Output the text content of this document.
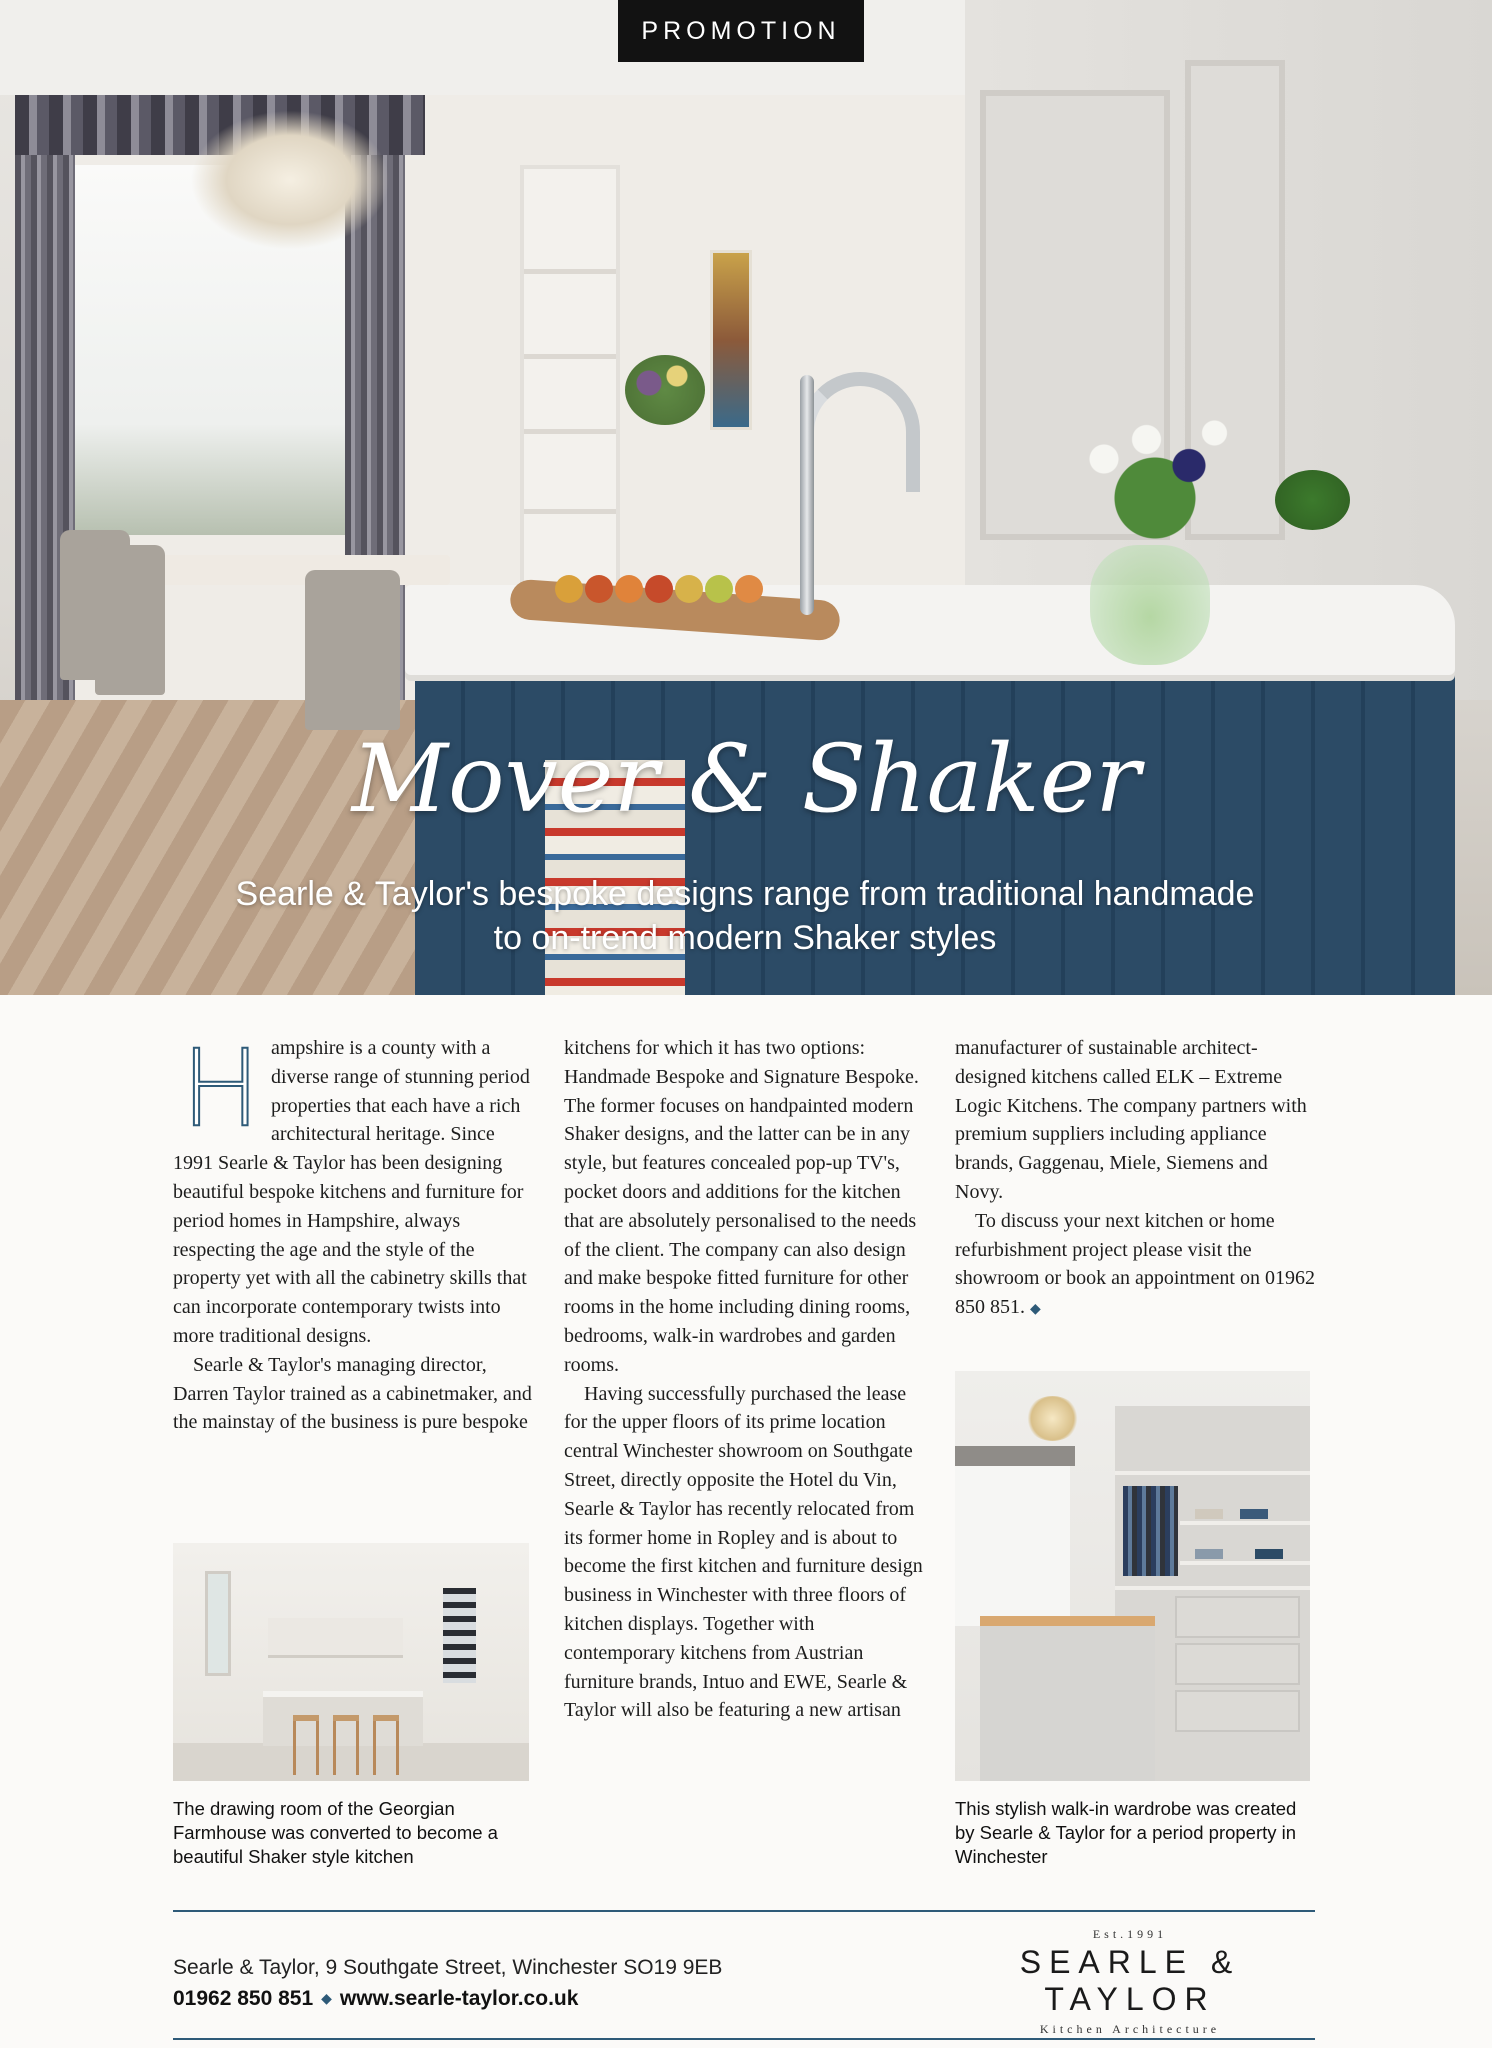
PROMOTION
Mover & Shaker
Searle & Taylor's bespoke designs range from traditional handmade
to on-trend modern Shaker styles

H ampshire is a county with a diverse range of stunning period properties that each have a rich architectural heritage. Since 1991 Searle & Taylor has been designing beautiful bespoke kitchens and furniture for period homes in Hampshire, always respecting the age and the style of the property yet with all the cabinetry skills that can incorporate contemporary twists into more traditional designs.

Searle & Taylor's managing director, Darren Taylor trained as a cabinetmaker, and the mainstay of the business is pure bespoke

kitchens for which it has two options: Handmade Bespoke and Signature Bespoke. The former focuses on handpainted modern Shaker designs, and the latter can be in any style, but features concealed pop-up TV's, pocket doors and additions for the kitchen that are absolutely personalised to the needs of the client. The company can also design and make bespoke fitted furniture for other rooms in the home including dining rooms, bedrooms, walk-in wardrobes and garden rooms.

Having successfully purchased the lease for the upper floors of its prime location central Winchester showroom on Southgate Street, directly opposite the Hotel du Vin, Searle & Taylor has recently relocated from its former home in Ropley and is about to become the first kitchen and furniture design business in Winchester with three floors of kitchen displays. Together with contemporary kitchens from Austrian furniture brands, Intuo and EWE, Searle & Taylor will also be featuring a new artisan

manufacturer of sustainable architect-designed kitchens called ELK – Extreme Logic Kitchens. The company partners with premium suppliers including appliance brands, Gaggenau, Miele, Siemens and Novy.

To discuss your next kitchen or home refurbishment project please visit the showroom or book an appointment on 01962 850 851. ◆

The drawing room of the Georgian Farmhouse was converted to become a beautiful Shaker style kitchen
This stylish walk-in wardrobe was created by Searle & Taylor for a period property in Winchester
Searle & Taylor, 9 Southgate Street, Winchester SO19 9EB
01962 850 851 ◆ www.searle-taylor.co.uk
Est.1991
SEARLE & TAYLOR
Kitchen Architecture
